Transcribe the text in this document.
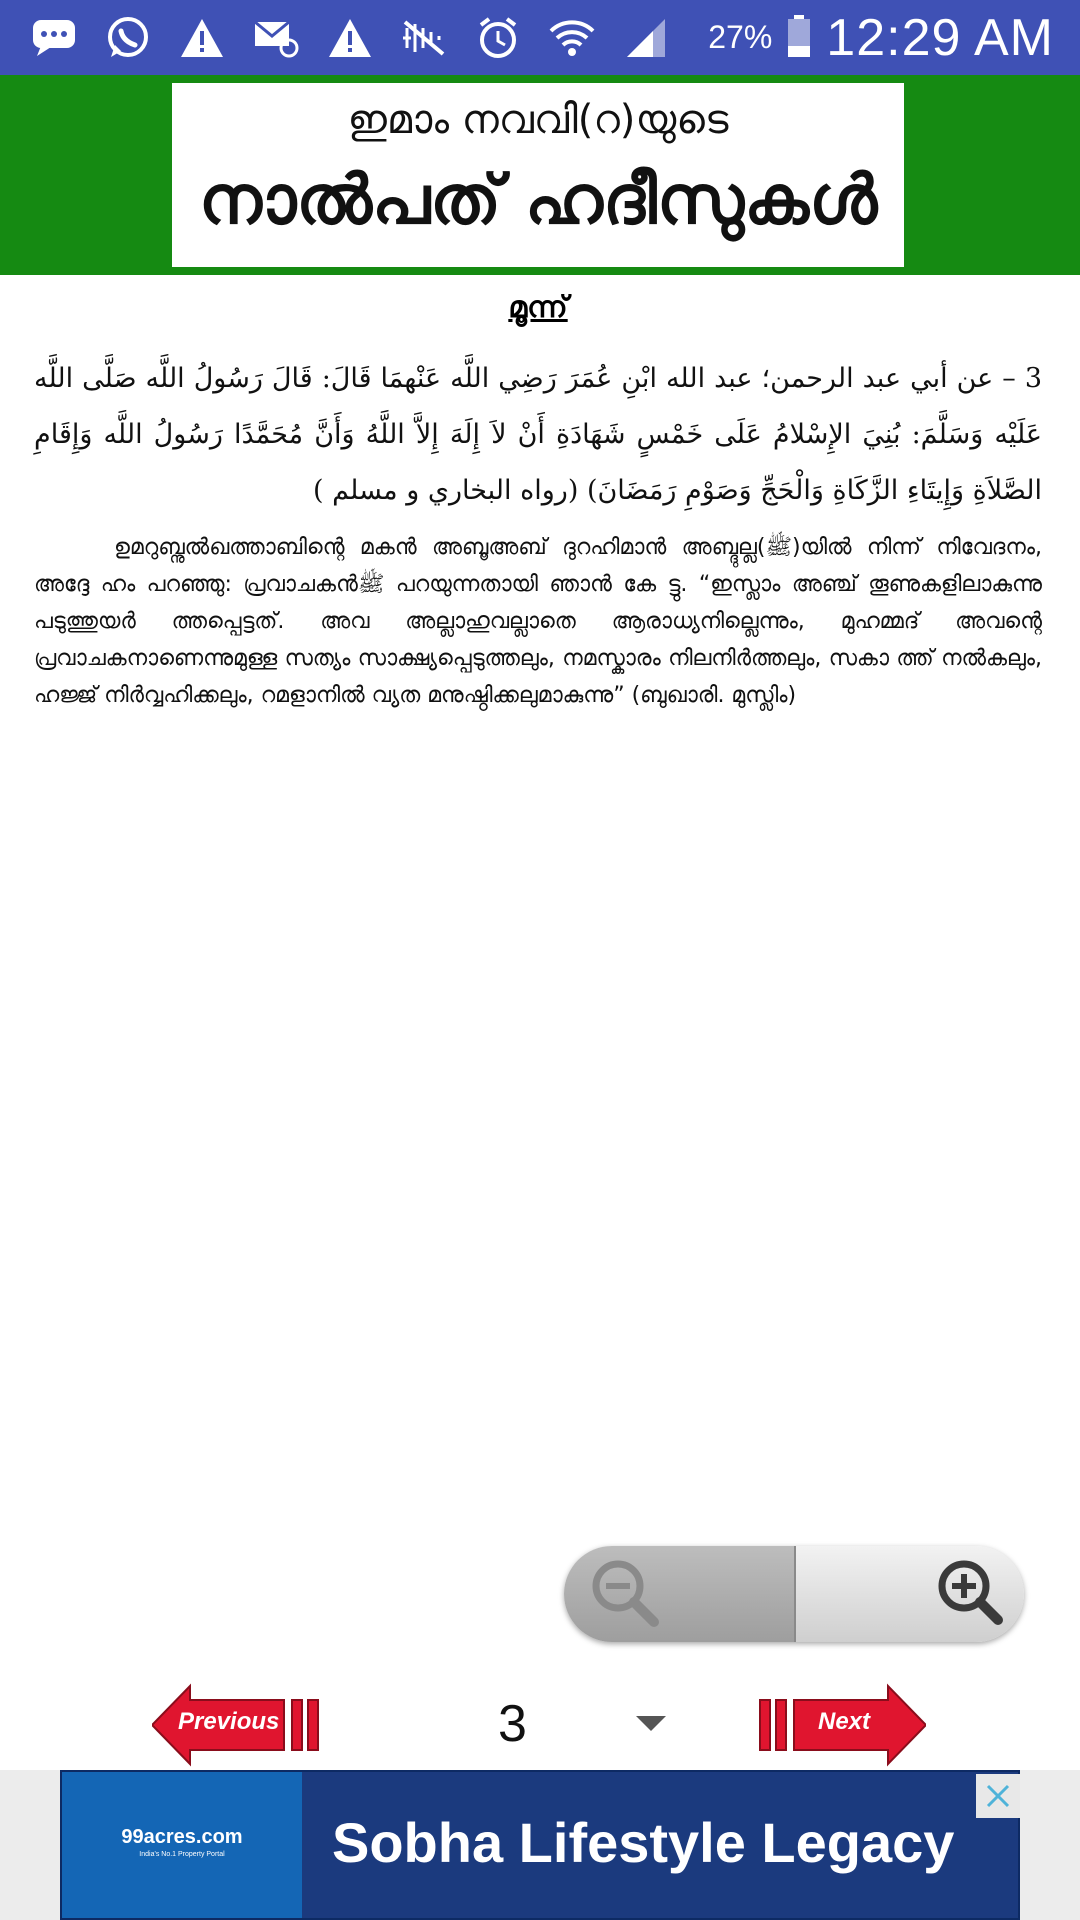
27% 12:29 AM
ഇമാം നവവി(റ)യുടെ
നാൽപത് ഹദീസുകൾ
മൂന്ന്
3 – عن أبي عبد الرحمن؛ عبد الله ابْنِ عُمَرَ رَضِي اللَّه عَنْهمَا قَالَ: قَالَ رَسُولُ اللَّه صَلَّى اللَّه عَلَيْه وَسَلَّمَ: بُنِيَ الإِسْلامُ عَلَى خَمْسٍ شَهَادَةِ أَنْ لاَ إِلَهَ إِلاَّ اللَّهُ وَأَنَّ مُحَمَّدًا رَسُولُ اللَّه وَإِقَامِ الصَّلاَةِ وَإِيتَاءِ الزَّكَاةِ وَالْحَجِّ وَصَوْمِ رَمَضَانَ) (رواه البخاري و مسلم )
ഉമറുബ്നുൽഖത്താബിന്റെ മകൻ അബൂഅബ് ദുറഹിമാൻ അബ്ദുല്ല(ﷺ)യിൽ നിന്ന് നിവേദനം, അദ്ദേ ഹം പറഞ്ഞു: പ്രവാചകൻﷺ പറയുന്നതായി ഞാൻ കേ ട്ടു. “ഇസ്ലാം അഞ്ച് തൂണുകളിലാകുന്നു പടുത്തുയർ ത്തപ്പെട്ടത്. അവ അല്ലാഹുവല്ലാതെ ആരാധ്യനില്ലെന്നും, മുഹമ്മദ് അവന്റെ പ്രവാചകനാണെന്നുമുള്ള സത്യം സാക്ഷ്യപ്പെടുത്തലും, നമസ്കാരം നിലനിർത്തലും, സകാ ത്ത് നൽകലും, ഹജ്ജ് നിർവ്വഹിക്കലും, റമളാനിൽ വ്യത മനുഷ്ഠിക്കലുമാകുന്നു” (ബുഖാരി. മുസ്ലിം)
Previous	3	Next
99acres.com
India's No.1 Property Portal	Sobha Lifestyle Legacy
